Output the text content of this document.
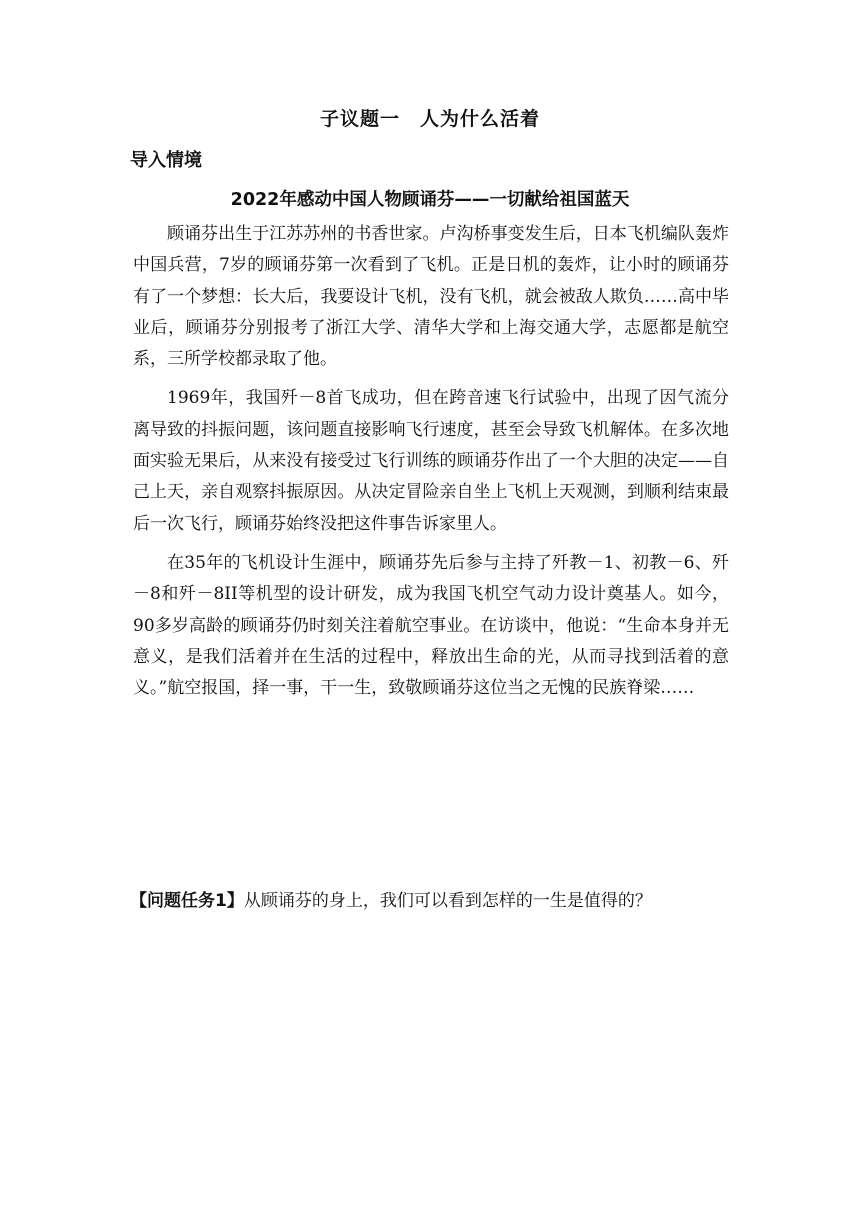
子议题一　人为什么活着
导入情境
2022年感动中国人物顾诵芬——一切献给祖国蓝天

顾诵芬出生于江苏苏州的书香世家。卢沟桥事变发生后，日本飞机编队轰炸中国兵营，7岁的顾诵芬第一次看到了飞机。正是日机的轰炸，让小时的顾诵芬有了一个梦想：长大后，我要设计飞机，没有飞机，就会被敌人欺负……高中毕业后，顾诵芬分别报考了浙江大学、清华大学和上海交通大学，志愿都是航空系，三所学校都录取了他。

1969年，我国歼－8首飞成功，但在跨音速飞行试验中，出现了因气流分离导致的抖振问题，该问题直接影响飞行速度，甚至会导致飞机解体。在多次地面实验无果后，从来没有接受过飞行训练的顾诵芬作出了一个大胆的决定——自己上天，亲自观察抖振原因。从决定冒险亲自坐上飞机上天观测，到顺利结束最后一次飞行，顾诵芬始终没把这件事告诉家里人。

在35年的飞机设计生涯中，顾诵芬先后参与主持了歼教－1、初教－6、歼－8和歼－8II等机型的设计研发，成为我国飞机空气动力设计奠基人。如今，90多岁高龄的顾诵芬仍时刻关注着航空事业。在访谈中，他说：“生命本身并无意义，是我们活着并在生活的过程中，释放出生命的光，从而寻找到活着的意义。”航空报国，择一事，干一生，致敬顾诵芬这位当之无愧的民族脊梁……

【问题任务1】从顾诵芬的身上，我们可以看到怎样的一生是值得的？
